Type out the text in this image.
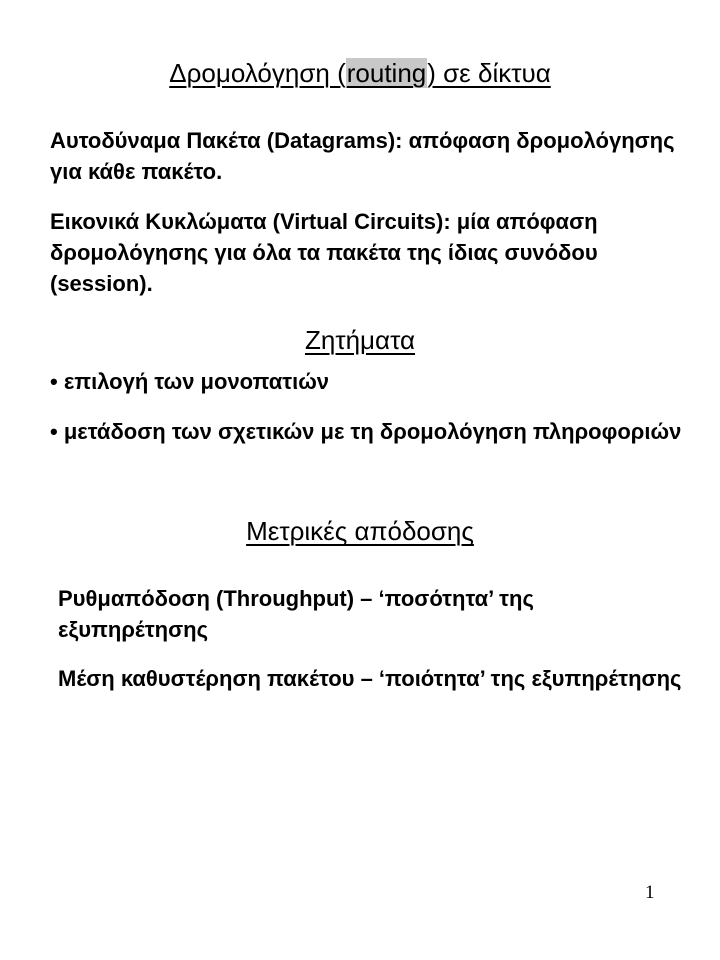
Δρομολόγηση (routing) σε δίκτυα

Αυτοδύναμα Πακέτα (Datagrams): απόφαση δρομολόγησης για κάθε πακέτο.

Εικονικά Κυκλώματα (Virtual Circuits): μία απόφαση δρομολόγησης για όλα τα πακέτα της ίδιας συνόδου (session).

Ζητήματα

• επιλογή των μονοπατιών

• μετάδοση των σχετικών με τη δρομολόγηση πληροφοριών

Μετρικές απόδοσης

Ρυθμαπόδοση (Throughput) – ‘ποσότητα’ της εξυπηρέτησης

Μέση καθυστέρηση πακέτου – ‘ποιότητα’ της εξυπηρέτησης

1
